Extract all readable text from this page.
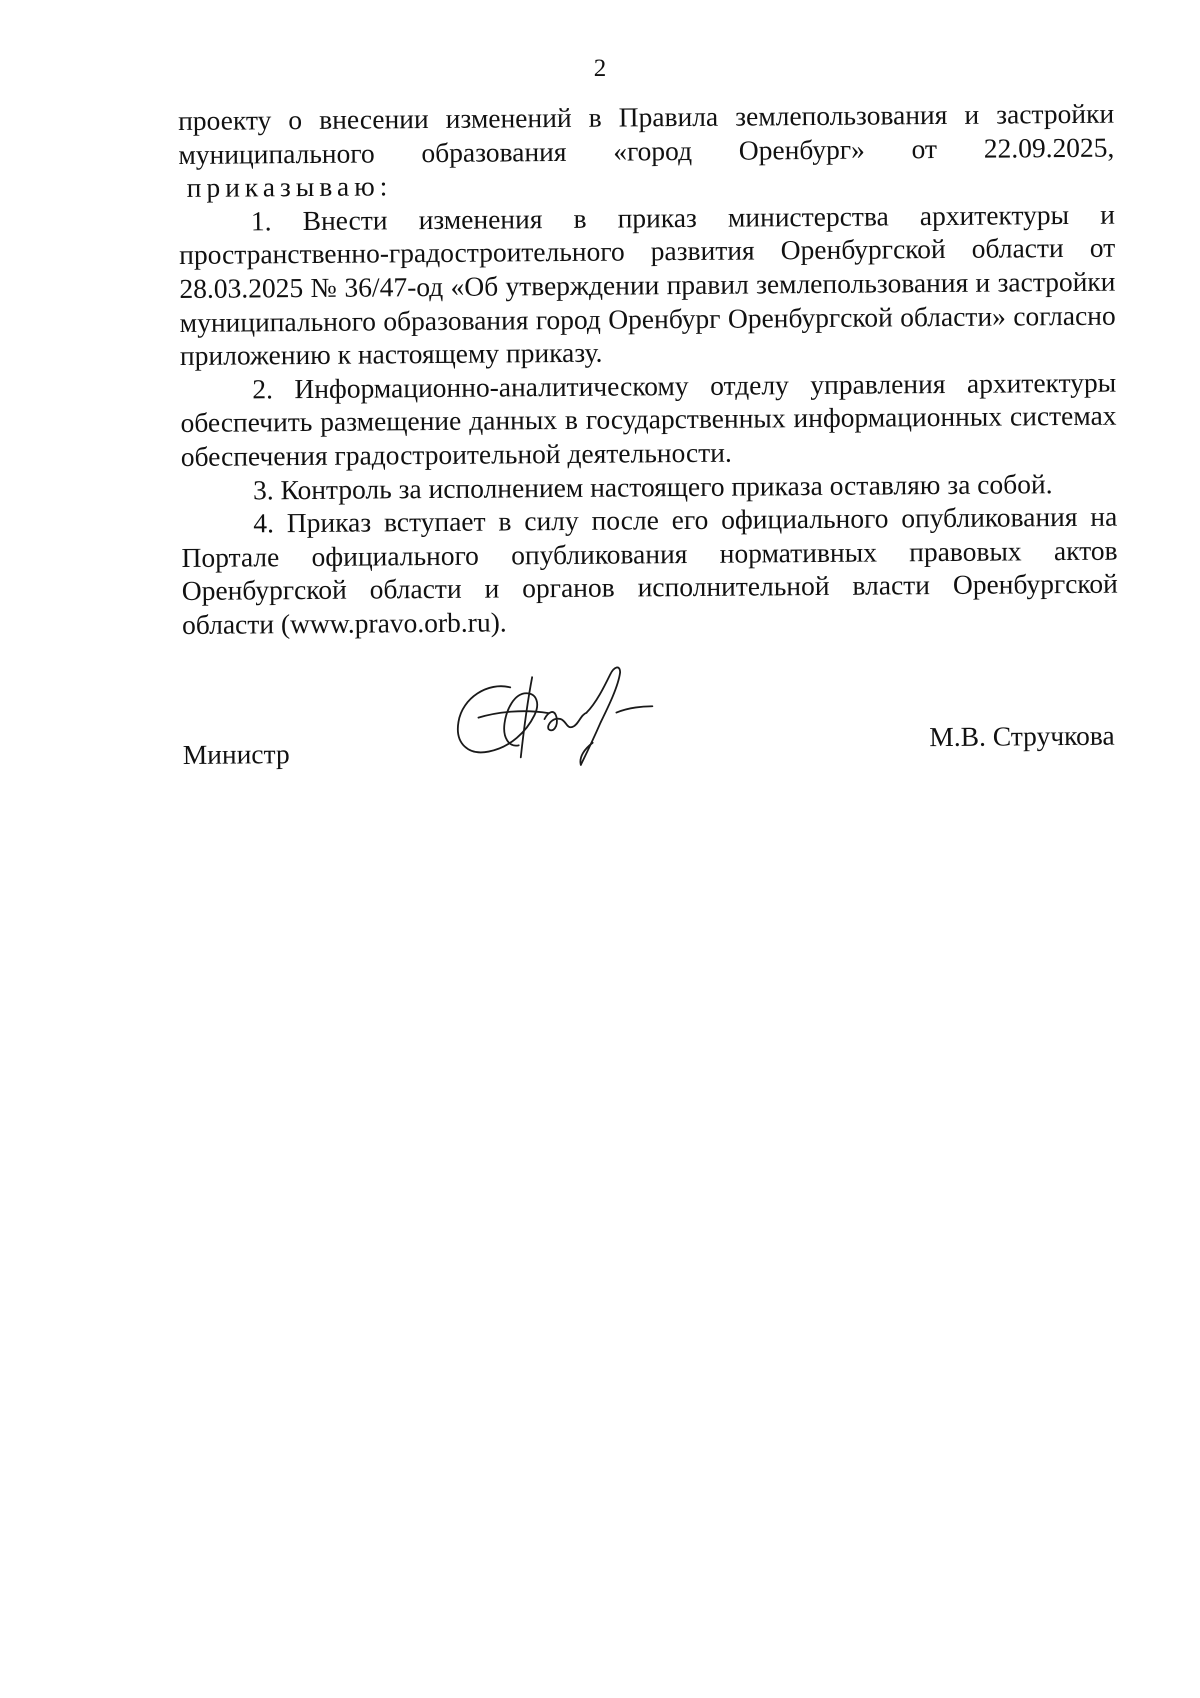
2

проекту о внесении изменений в Правила землепользования и застройки

муниципального образования «город Оренбург» от 22.09.2025,

приказываю:

1. Внести изменения в приказ министерства архитектуры и пространственно-градостроительного развития Оренбургской области от 28.03.2025 № 36/47-од «Об утверждении правил землепользования и застройки муниципального образования город Оренбург Оренбургской области» согласно приложению к настоящему приказу.

2. Информационно-аналитическому отделу управления архитектуры обеспечить размещение данных в государственных информационных системах обеспечения градостроительной деятельности.

3. Контроль за исполнением настоящего приказа оставляю за собой.

4. Приказ вступает в силу после его официального опубликования на Портале официального опубликования нормативных правовых актов Оренбургской области и органов исполнительной власти Оренбургской области (www.pravo.orb.ru).

Министр
М.В. Стручкова
